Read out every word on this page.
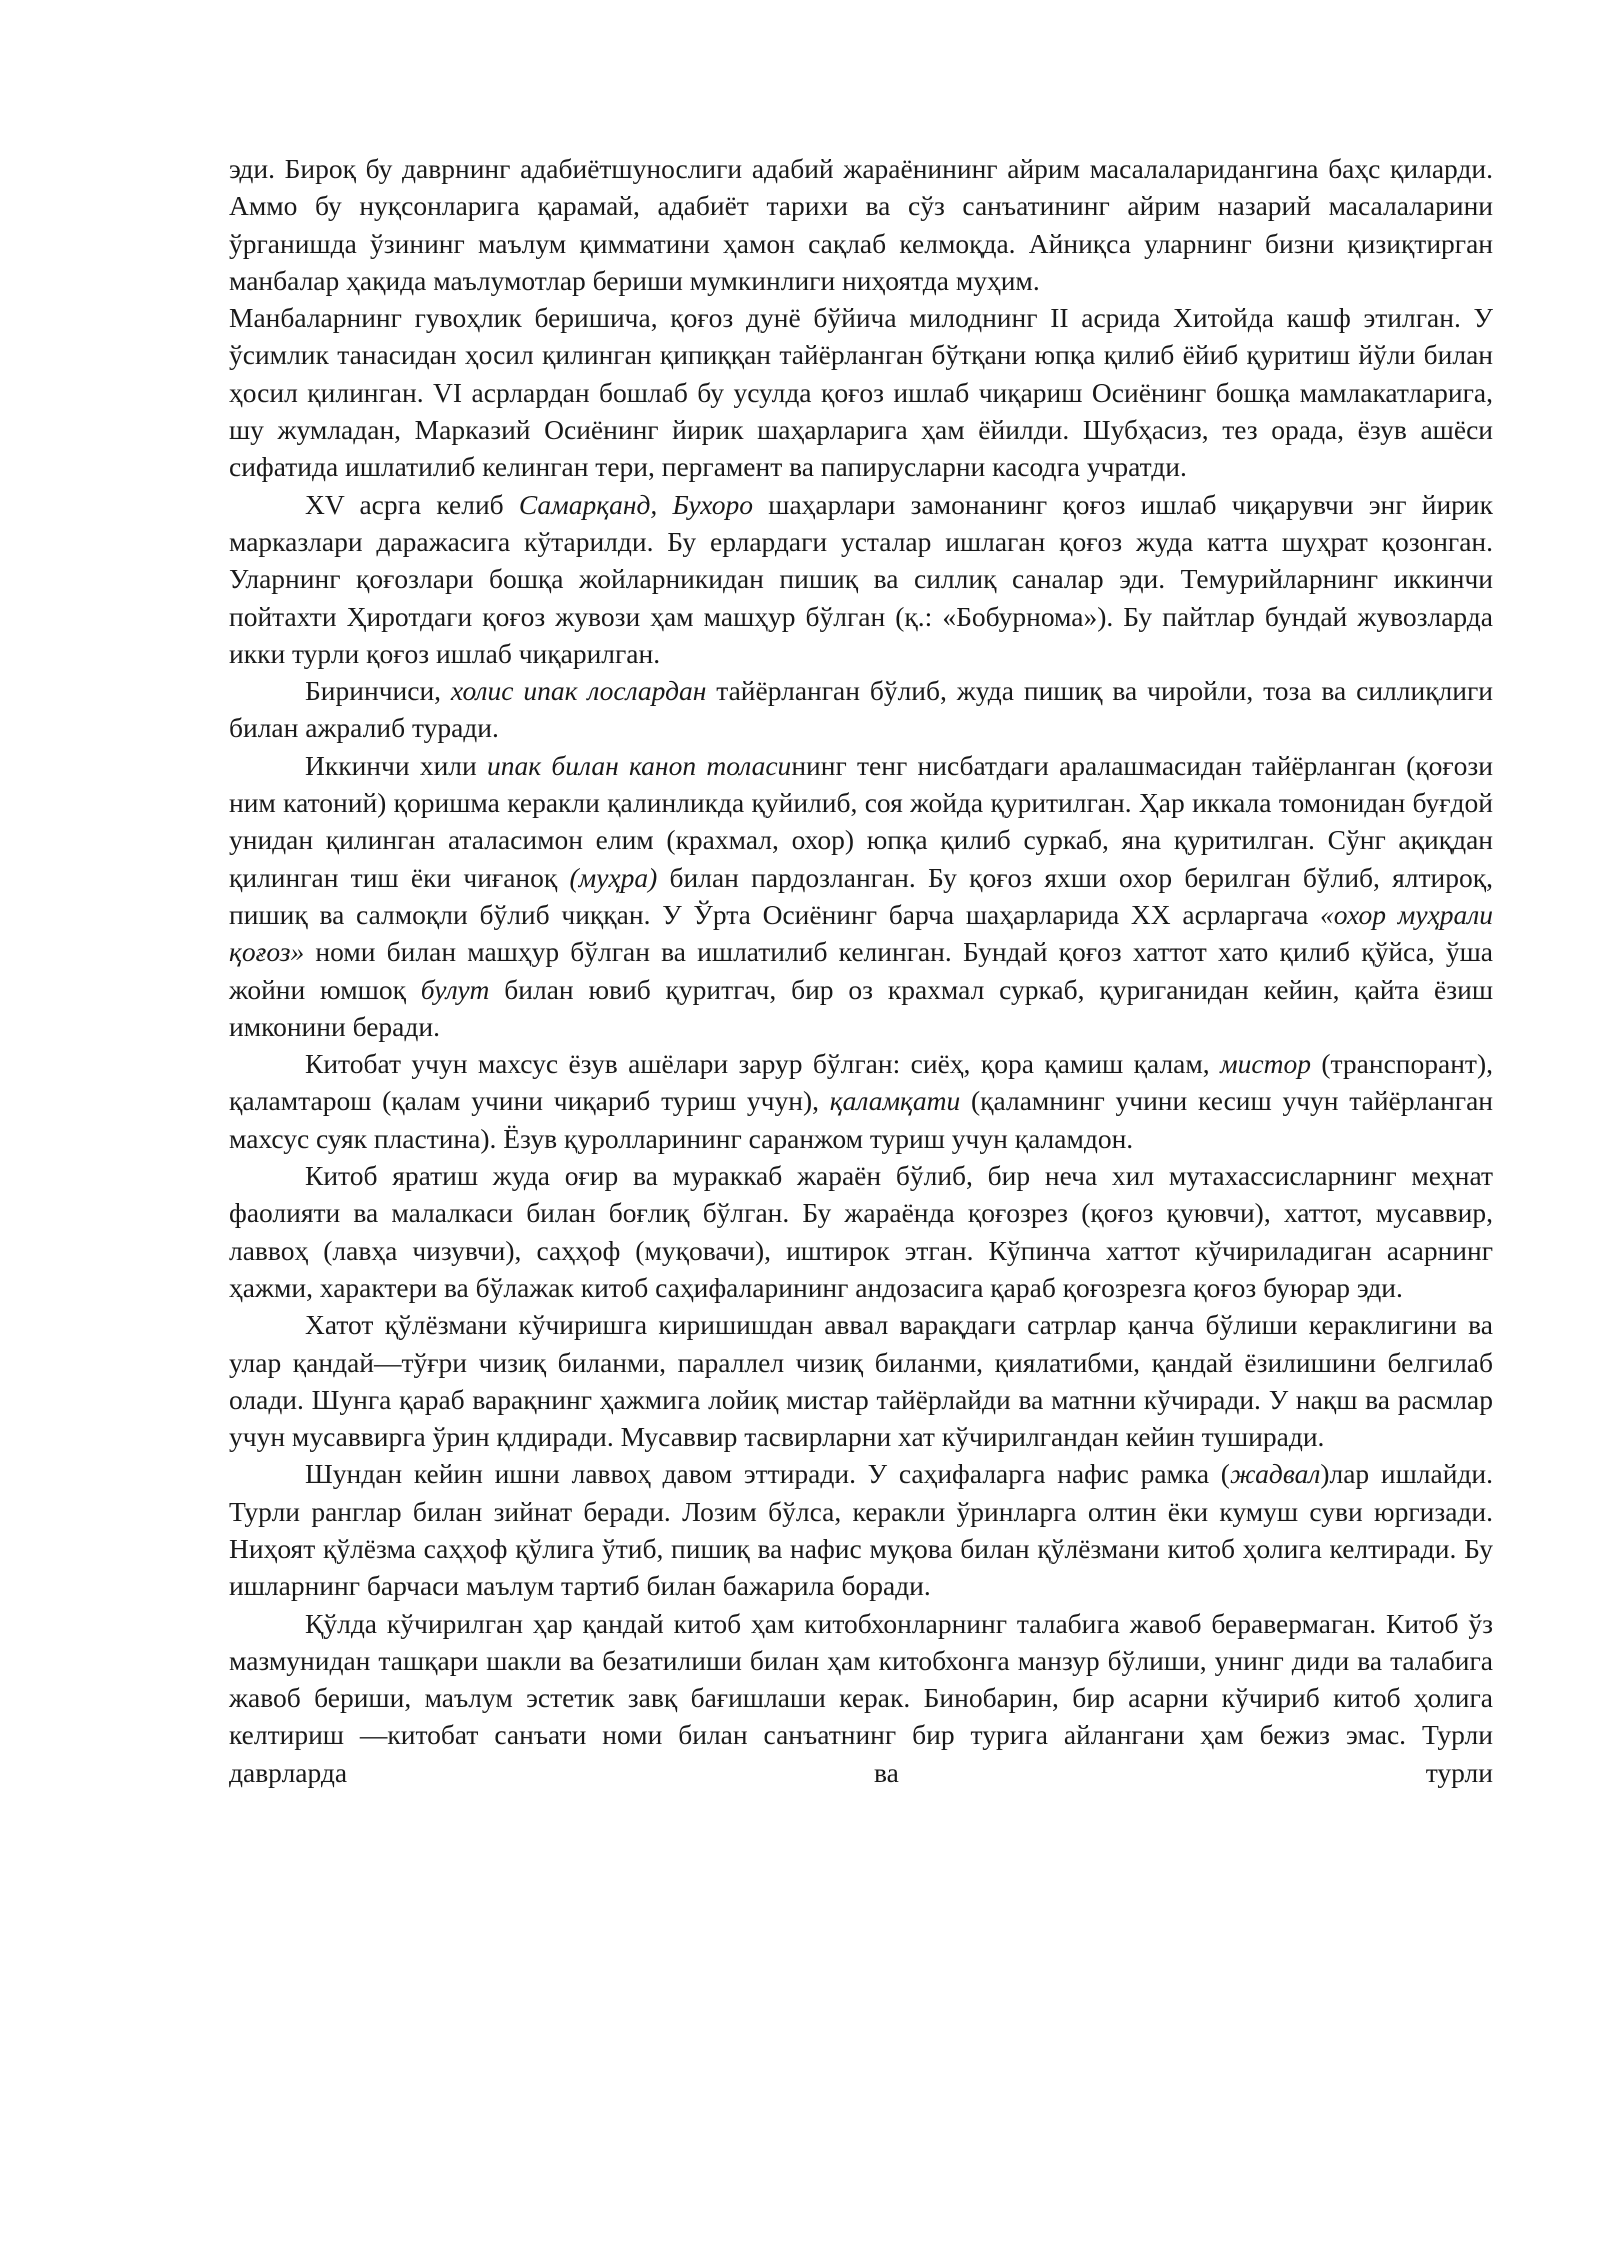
эди. Бироқ бу даврнинг адабиётшунослиги адабий жараёнининг айрим масалаларидангина баҳс қиларди. Аммо бу нуқсонларига қарамай, адабиёт тарихи ва сўз санъатининг айрим назарий масалаларини ўрганишда ўзининг маълум қимматини ҳамон сақлаб келмоқда. Айниқса уларнинг бизни қизиқтирган манбалар ҳақида маълумотлар бериши мумкинлиги ниҳоятда муҳим.

Манбаларнинг гувоҳлик беришича, қоғоз дунё бўйича милоднинг II асрида Хитойда кашф этилган. У ўсимлик танасидан ҳосил қилинган қипиққан тайёрланган бўтқани юпқа қилиб ёйиб қуритиш йўли билан ҳосил қилинган. VI асрлардан бошлаб бу усулда қоғоз ишлаб чиқариш Осиёнинг бошқа мамлакатларига, шу жумладан, Марказий Осиёнинг йирик шаҳарларига ҳам ёйилди. Шубҳасиз, тез орада, ёзув ашёси сифатида ишлатилиб келинган тери, пергамент ва папирусларни касодга учратди.

XV асрга келиб Самарқанд, Бухоро шаҳарлари замонанинг қоғоз ишлаб чиқарувчи энг йирик марказлари даражасига кўтарилди. Бу ерлардаги усталар ишлаган қоғоз жуда катта шуҳрат қозонган. Уларнинг қоғозлари бошқа жойларникидан пишиқ ва силлиқ саналар эди. Темурийларнинг иккинчи пойтахти Ҳиротдаги қоғоз жувози ҳам машҳур бўлган (қ.: «Бобурнома»). Бу пайтлар бундай жувозларда икки турли қоғоз ишлаб чиқарилган.

Биринчиси, холис ипак лослардан тайёрланган бўлиб, жуда пишиқ ва чиройли, тоза ва силлиқлиги билан ажралиб туради.

Иккинчи хили ипак билан каноп толасининг тенг нисбатдаги аралашмасидан тайёрланган (қоғози ним катоний) қоришма керакли қалинликда қуйилиб, соя жойда қуритилган. Ҳар иккала томонидан буғдой унидан қилинган аталасимон елим (крахмал, охор) юпқа қилиб суркаб, яна қуритилган. Сўнг ақиқдан қилинган тиш ёки чиғаноқ (муҳра) билан пардозланган. Бу қоғоз яхши охор берилган бўлиб, ялтироқ, пишиқ ва салмоқли бўлиб чиққан. У Ўрта Осиёнинг барча шаҳарларида XX асрларгача «охор муҳрали қоғоз» номи билан машҳур бўлган ва ишлатилиб келинган. Бундай қоғоз хаттот хато қилиб қўйса, ўша жойни юмшоқ булут билан ювиб қуритгач, бир оз крахмал суркаб, қуриганидан кейин, қайта ёзиш имконини беради.

Китобат учун махсус ёзув ашёлари зарур бўлган: сиёҳ, қора қамиш қалам, мистор (транспорант), қаламтарош (қалам учини чиқариб туриш учун), қаламқати (қаламнинг учини кесиш учун тайёрланган махсус суяк пластина). Ёзув қуролларининг саранжом туриш учун қаламдон.

Китоб яратиш жуда оғир ва мураккаб жараён бўлиб, бир неча хил мутахассисларнинг меҳнат фаолияти ва малалкаси билан боғлиқ бўлган. Бу жараёнда қоғозрез (қоғоз қуювчи), хаттот, мусаввир, лаввоҳ (лавҳа чизувчи), саҳҳоф (муқовачи), иштирок этган. Кўпинча хаттот кўчириладиган асарнинг ҳажми, характери ва бўлажак китоб саҳифаларининг андозасига қараб қоғозрезга қоғоз буюрар эди.

Хатот қўлёзмани кўчиришга киришишдан аввал варақдаги сатрлар қанча бўлиши кераклигини ва улар қандай—тўғри чизиқ биланми, параллел чизиқ биланми, қиялатибми, қандай ёзилишини белгилаб олади. Шунга қараб варақнинг ҳажмига лойиқ мистар тайёрлайди ва матнни кўчиради. У нақш ва расмлар учун мусаввирга ўрин қлдиради. Мусаввир тасвирларни хат кўчирилгандан кейин туширади.

Шундан кейин ишни лаввоҳ давом эттиради. У саҳифаларга нафис рамка (жадвал)лар ишлайди. Турли ранглар билан зийнат беради. Лозим бўлса, керакли ўринларга олтин ёки кумуш суви юргизади. Ниҳоят қўлёзма саҳҳоф қўлига ўтиб, пишиқ ва нафис муқова билан қўлёзмани китоб ҳолига келтиради. Бу ишларнинг барчаси маълум тартиб билан бажарила боради.

Қўлда кўчирилган ҳар қандай китоб ҳам китобхонларнинг талабига жавоб беравермаган. Китоб ўз мазмунидан ташқари шакли ва безатилиши билан ҳам китобхонга манзур бўлиши, унинг диди ва талабига жавоб бериши, маълум эстетик завқ бағишлаши керак. Бинобарин, бир асарни кўчириб китоб ҳолига келтириш —китобат санъати номи билан санъатнинг бир турига айлангани ҳам бежиз эмас. Турли даврларда ва турли
